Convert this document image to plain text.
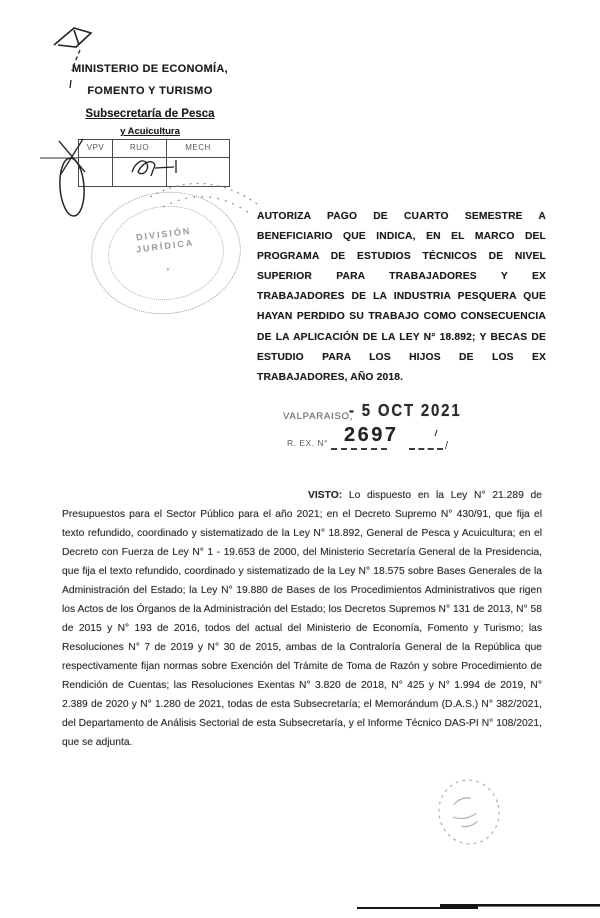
MINISTERIO DE ECONOMÍA,
FOMENTO Y TURISMO
Subsecretaría de Pesca
y Acuicultura
VPV	RUO	MECH
DIVISIÓN
JURÍDICA
*
AUTORIZA PAGO DE CUARTO SEMESTRE A BENEFICIARIO QUE INDICA, EN EL MARCO DEL PROGRAMA DE ESTUDIOS TÉCNICOS DE NIVEL SUPERIOR PARA TRABAJADORES Y EX TRABAJADORES DE LA INDUSTRIA PESQUERA QUE HAYAN PERDIDO SU TRABAJO COMO CONSECUENCIA DE LA APLICACIÓN DE LA LEY N° 18.892; Y BECAS DE ESTUDIO PARA LOS HIJOS DE LOS EX TRABAJADORES, AÑO 2018.
VALPARAISO,
- 5 OCT 2021
R. EX. N° 2697	/

VISTO: Lo dispuesto en la Ley N° 21.289 de Presupuestos para el Sector Público para el año 2021; en el Decreto Supremo N° 430/91, que fija el texto refundido, coordinado y sistematizado de la Ley N° 18.892, General de Pesca y Acuicultura; en el Decreto con Fuerza de Ley N° 1 - 19.653 de 2000, del Ministerio Secretaría General de la Presidencia, que fija el texto refundido, coordinado y sistematizado de la Ley N° 18.575 sobre Bases Generales de la Administración del Estado; la Ley N° 19.880 de Bases de los Procedimientos Administrativos que rigen los Actos de los Órganos de la Administración del Estado; los Decretos Supremos N° 131 de 2013, N° 58 de 2015 y N° 193 de 2016, todos del actual del Ministerio de Economía, Fomento y Turismo; las Resoluciones N° 7 de 2019 y N° 30 de 2015, ambas de la Contraloría General de la República que respectivamente fijan normas sobre Exención del Trámite de Toma de Razón y sobre Procedimiento de Rendición de Cuentas; las Resoluciones Exentas N° 3.820 de 2018, N° 425 y N° 1.994 de 2019, N° 2.389 de 2020 y N° 1.280 de 2021, todas de esta Subsecretaría; el Memorándum (D.A.S.) N° 382/2021, del Departamento de Análisis Sectorial de esta Subsecretaría, y el Informe Técnico DAS-PI N° 108/2021, que se adjunta.
